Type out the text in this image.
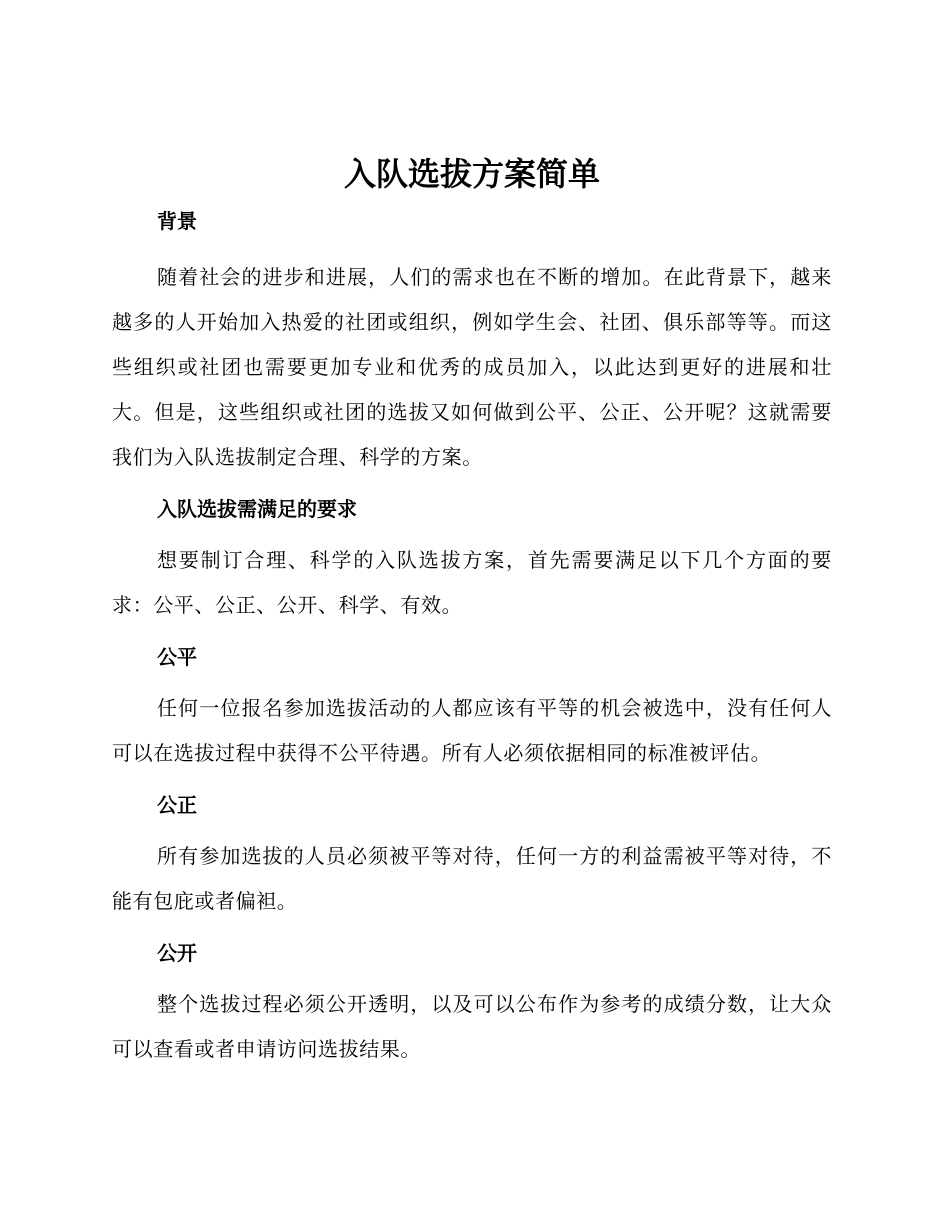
入队选拔方案简单
背景

随着社会的进步和进展，人们的需求也在不断的增加。在此背景下，越来越多的人开始加入热爱的社团或组织，例如学生会、社团、俱乐部等等。而这些组织或社团也需要更加专业和优秀的成员加入，以此达到更好的进展和壮大。但是，这些组织或社团的选拔又如何做到公平、公正、公开呢？这就需要我们为入队选拔制定合理、科学的方案。

入队选拔需满足的要求

想要制订合理、科学的入队选拔方案，首先需要满足以下几个方面的要求：公平、公正、公开、科学、有效。

公平

任何一位报名参加选拔活动的人都应该有平等的机会被选中，没有任何人可以在选拔过程中获得不公平待遇。所有人必须依据相同的标准被评估。

公正

所有参加选拔的人员必须被平等对待，任何一方的利益需被平等对待，不能有包庇或者偏袒。

公开

整个选拔过程必须公开透明，以及可以公布作为参考的成绩分数，让大众可以查看或者申请访问选拔结果。
